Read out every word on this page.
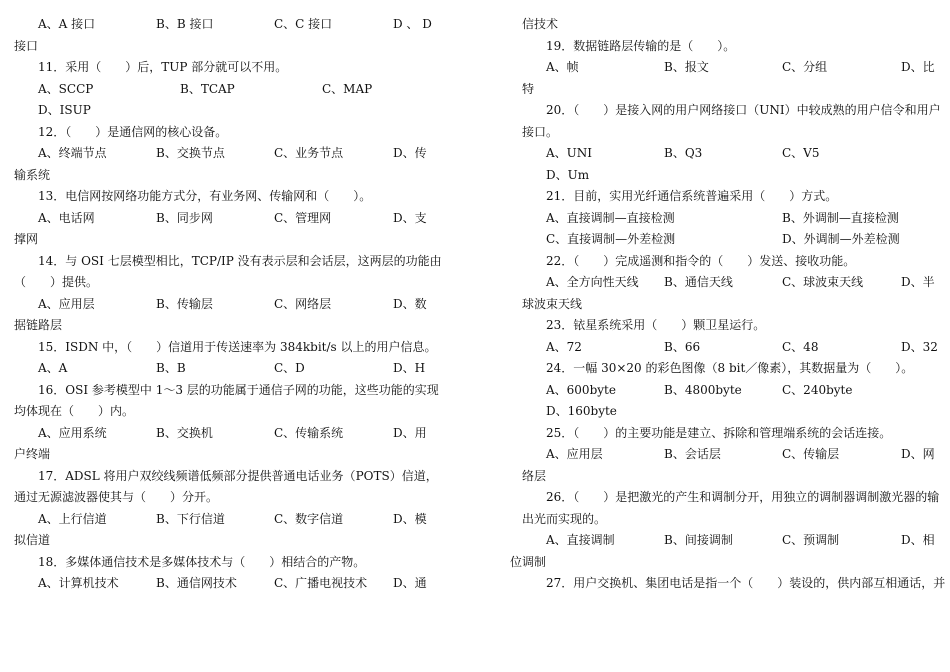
A、A 接口	B、B 接口	C、C 接口	D 、 D
接口
11．采用（　　）后，TUP 部分就可以不用。
A、SCCP	B、TCAP	C、MAP
D、ISUP
12．（　　）是通信网的核心设备。
A、终端节点	B、交换节点	C、业务节点	D、传
输系统
13．电信网按网络功能方式分，有业务网、传输网和（　　）。
A、电话网	B、同步网	C、管理网	D、支
撑网
14．与 OSI 七层模型相比，TCP/IP 没有表示层和会话层，这两层的功能由
（　　）提供。
A、应用层	B、传输层	C、网络层	D、数
据链路层
15．ISDN 中，（　　）信道用于传送速率为 384kbit/s 以上的用户信息。
A、A	B、B	C、D	D、H
16．OSI 参考模型中 1～3 层的功能属于通信子网的功能，这些功能的实现
均体现在（　　）内。
A、应用系统	B、交换机	C、传输系统	D、用
户终端
17．ADSL 将用户双绞线频谱低频部分提供普通电话业务（POTS）信道，
通过无源滤波器使其与（　　）分开。
A、上行信道	B、下行信道	C、数字信道	D、模
拟信道
18．多媒体通信技术是多媒体技术与（　　）相结合的产物。
A、计算机技术	B、通信网技术	C、广播电视技术 D、通
信技术
19．数据链路层传输的是（　　）。
A、帧	B、报文	C、分组	D、比
特
20．（　　）是接入网的用户网络接口（UNI）中较成熟的用户信令和用户
接口。
A、UNI	B、Q3	C、V5
D、Um
21．目前，实用光纤通信系统普遍采用（　　）方式。
A、直接调制—直接检测	B、外调制—直接检测
C、直接调制—外差检测	D、外调制—外差检测
22．（　　）完成遥测和指令的（　　）发送、接收功能。
A、全方向性天线 B、通信天线	C、球波束天线	D、半
球波束天线
23．铱星系统采用（　　）颗卫星运行。
A、72	B、66	C、48	D、32
24．一幅 30×20 的彩色图像（8 bit／像素），其数据量为（　　）。
A、600byte	B、4800byte	C、240byte
D、160byte
25．（　　）的主要功能是建立、拆除和管理端系统的会话连接。
A、应用层	B、会话层	C、传输层	D、网
络层
26．（　　）是把激光的产生和调制分开，用独立的调制器调制激光器的输
出光而实现的。
A、直接调制	B、间接调制	C、预调制	D、相
位调制
27．用户交换机、集团电话是指一个（　　）装设的，供内部互相通话，并
